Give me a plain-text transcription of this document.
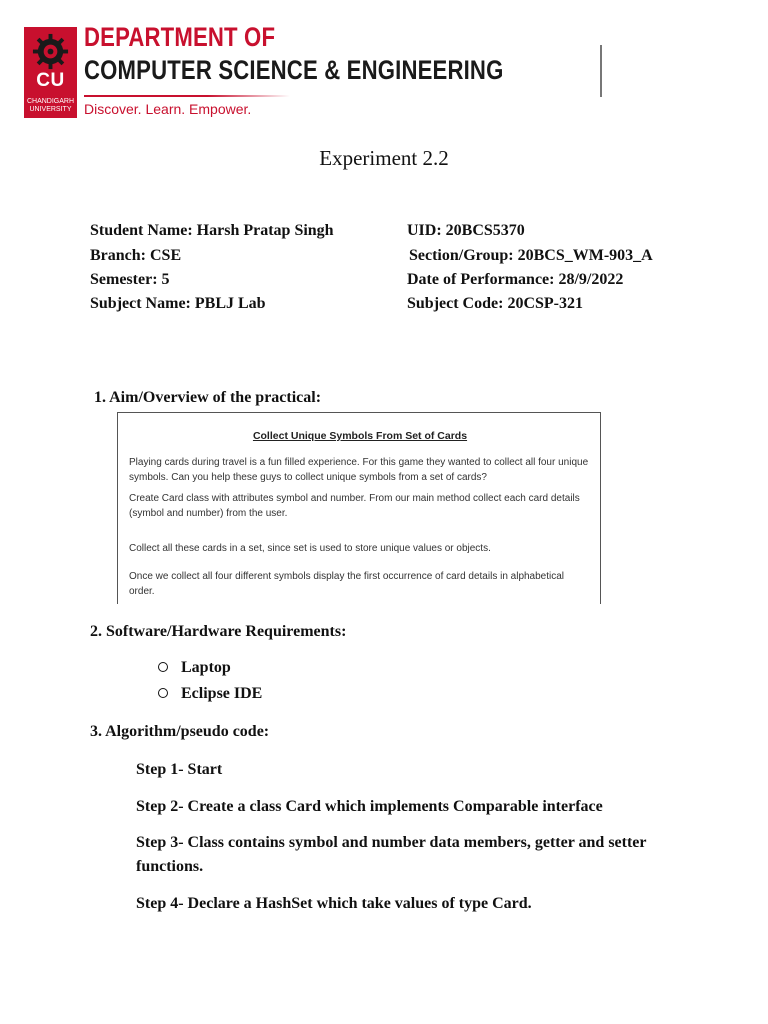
CU
CHANDIGARH UNIVERSITY
DEPARTMENT OF
COMPUTER SCIENCE & ENGINEERING
Discover. Learn. Empower.
Experiment 2.2
Student Name: Harsh Pratap Singh	UID: 20BCS5370
Branch: CSE	Section/Group: 20BCS_WM-903_A
Semester: 5	Date of Performance: 28/9/2022
Subject Name: PBLJ Lab	Subject Code: 20CSP-321
1. Aim/Overview of the practical:
Collect Unique Symbols From Set of Cards
Playing cards during travel is a fun filled experience. For this game they wanted to collect all four unique symbols. Can you help these guys to collect unique symbols from a set of cards?
Create Card class with attributes symbol and number. From our main method collect each card details (symbol and number) from the user.
Collect all these cards in a set, since set is used to store unique values or objects.
Once we collect all four different symbols display the first occurrence of card details in alphabetical order.
2. Software/Hardware Requirements:
Laptop
Eclipse IDE
3. Algorithm/pseudo code:
Step 1- Start
Step 2- Create a class Card which implements Comparable interface
Step 3- Class contains symbol and number data members, getter and setter functions.
Step 4- Declare a HashSet which take values of type Card.
